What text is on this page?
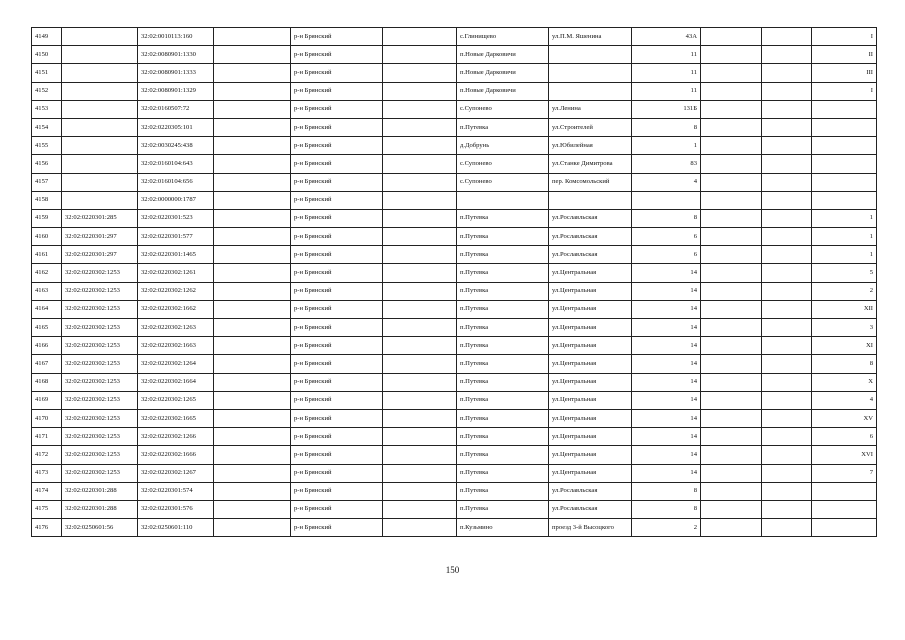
4149		32:02:0010113:160		р-н Брянский		с.Глинищево	ул.П.М. Яшенина	43А			I
4150		32:02:0080901:1330		р-н Брянский		п.Новые Дарковичи		11			II
4151		32:02:0080901:1333		р-н Брянский		п.Новые Дарковичи		11			III
4152		32:02:0080901:1329		р-н Брянский		п.Новые Дарковичи		11			I
4153		32:02:0160507:72		р-н Брянский		с.Супонево	ул.Ленина	131Б			
4154		32:02:0220305:101		р-н Брянский		п.Путевка	ул.Строителей	8			
4155		32:02:0030245:438		р-н Брянский		д.Добрунь	ул.Юбилейная	1			
4156		32:02:0160104:643		р-н Брянский		с.Супонево	ул.Станке Димитрова	83			
4157		32:02:0160104:656		р-н Брянский		с.Супонево	пер. Комсомольский	4			
4158		32:02:0000000:1787		р-н Брянский							
4159	32:02:0220301:285	32:02:0220301:523		р-н Брянский		п.Путевка	ул.Рославльская	8			1
4160	32:02:0220301:297	32:02:0220301:577		р-н Брянский		п.Путевка	ул.Рославльская	6			1
4161	32:02:0220301:297	32:02:0220301:1465		р-н Брянский		п.Путевка	ул.Рославльская	6			1
4162	32:02:0220302:1253	32:02:0220302:1261		р-н Брянский		п.Путевка	ул.Центральная	14			5
4163	32:02:0220302:1253	32:02:0220302:1262		р-н Брянский		п.Путевка	ул.Центральная	14			2
4164	32:02:0220302:1253	32:02:0220302:1662		р-н Брянский		п.Путевка	ул.Центральная	14			XII
4165	32:02:0220302:1253	32:02:0220302:1263		р-н Брянский		п.Путевка	ул.Центральная	14			3
4166	32:02:0220302:1253	32:02:0220302:1663		р-н Брянский		п.Путевка	ул.Центральная	14			XI
4167	32:02:0220302:1253	32:02:0220302:1264		р-н Брянский		п.Путевка	ул.Центральная	14			8
4168	32:02:0220302:1253	32:02:0220302:1664		р-н Брянский		п.Путевка	ул.Центральная	14			X
4169	32:02:0220302:1253	32:02:0220302:1265		р-н Брянский		п.Путевка	ул.Центральная	14			4
4170	32:02:0220302:1253	32:02:0220302:1665		р-н Брянский		п.Путевка	ул.Центральная	14			XV
4171	32:02:0220302:1253	32:02:0220302:1266		р-н Брянский		п.Путевка	ул.Центральная	14			6
4172	32:02:0220302:1253	32:02:0220302:1666		р-н Брянский		п.Путевка	ул.Центральная	14			XVI
4173	32:02:0220302:1253	32:02:0220302:1267		р-н Брянский		п.Путевка	ул.Центральная	14			7
4174	32:02:0220301:288	32:02:0220301:574		р-н Брянский		п.Путевка	ул.Рославльская	8			
4175	32:02:0220301:288	32:02:0220301:576		р-н Брянский		п.Путевка	ул.Рославльская	8			
4176	32:02:0250601:56	32:02:0250601:110		р-н Брянский		п.Кузьмино	проезд 3-й Высоцкого	2			
150
